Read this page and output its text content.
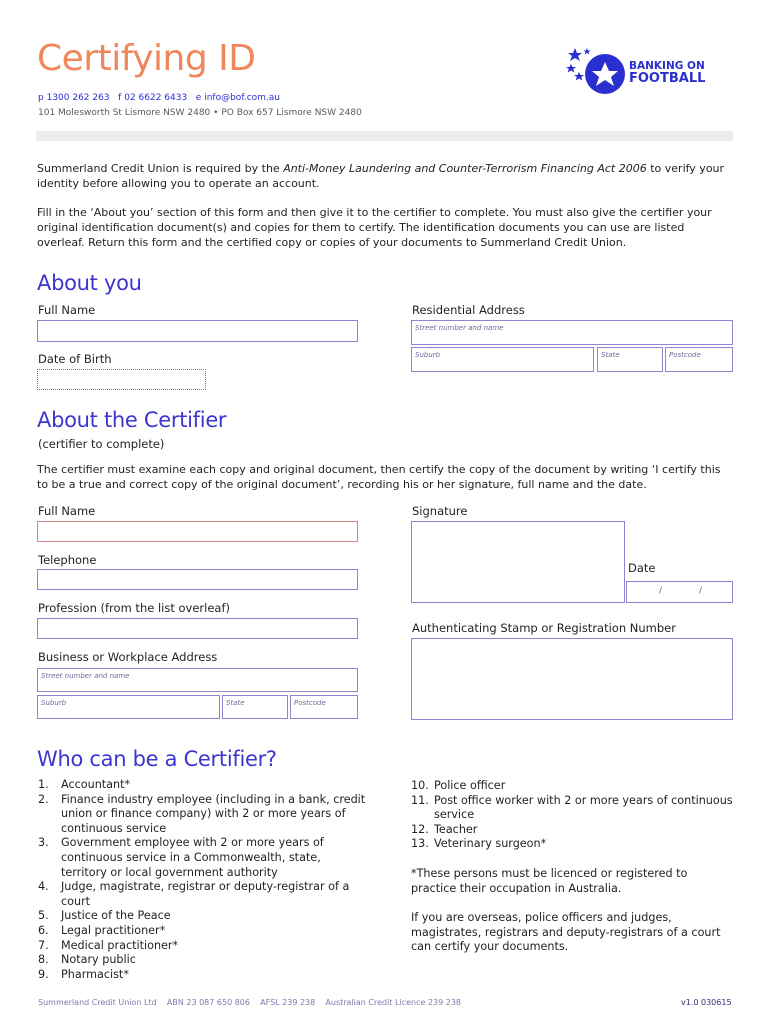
Certifying ID
p 1300 262 263 f 02 6622 6433 e info@bof.com.au
101 Molesworth St Lismore NSW 2480 • PO Box 657 Lismore NSW 2480
BANKING ON
FOOTBALL
Summerland Credit Union is required by the Anti-Money Laundering and Counter-Terrorism Financing Act 2006 to verify your identity before allowing you to operate an account.
Fill in the ‘About you’ section of this form and then give it to the certifier to complete. You must also give the certifier your original identification document(s) and copies for them to certify. The identification documents you can use are listed overleaf. Return this form and the certified copy or copies of your documents to Summerland Credit Union.
About you
Full Name	Residential Address
Street number and name
Suburb	State	Postcode
Date of Birth
About the Certifier
(certifier to complete)
The certifier must examine each copy and original document, then certify the copy of the document by writing ‘I certify this to be a true and correct copy of the original document’, recording his or her signature, full name and the date.
Full Name	Signature
Telephone
Date
/	/
Profession (from the list overleaf)
Authenticating Stamp or Registration Number
Business or Workplace Address
Street number and name
Suburb	State	Postcode
Who can be a Certifier?
1.	Accountant*
2.	Finance industry employee (including in a bank, credit union or finance company) with 2 or more years of continuous service
3.	Government employee with 2 or more years of continuous service in a Commonwealth, state, territory or local government authority
4.	Judge, magistrate, registrar or deputy-registrar of a court
5.	Justice of the Peace
6.	Legal practitioner*
7.	Medical practitioner*
8.	Notary public
9.	Pharmacist*
10. Police officer
11. Post office worker with 2 or more years of continuous service
12. Teacher
13. Veterinary surgeon*
*These persons must be licenced or registered to practice their occupation in Australia.
If you are overseas, police officers and judges, magistrates, registrars and deputy-registrars of a court can certify your documents.
Summerland Credit Union Ltd    ABN 23 087 650 806    AFSL 239 238    Australian Credit Licence 239 238	v1.0 030615
